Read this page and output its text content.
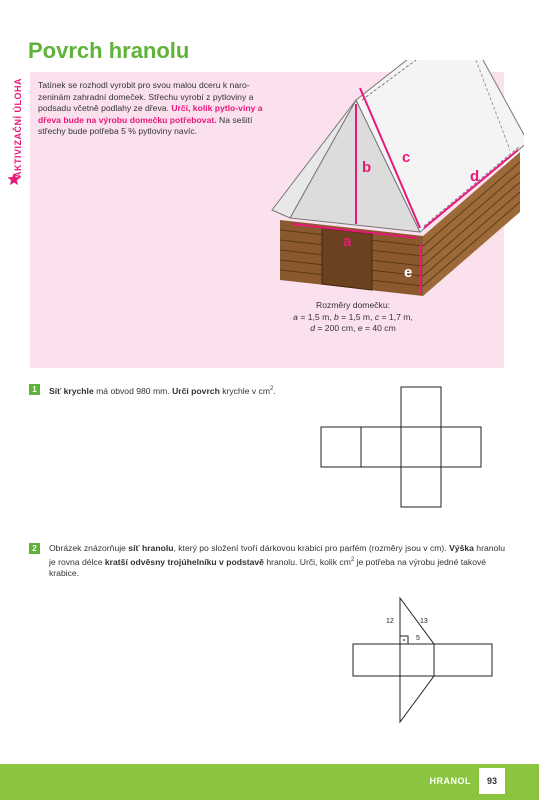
Povrch hranolu
AKTIVIZAČNÍ ÚLOHA Tatínek se rozhodl vyrobit pro svou malou dceru k naro-zeninám zahradní domeček. Střechu vyrobí z pytloviny a podsadu včetně podlahy ze dřeva. Urči, kolik pytlo-viny a dřeva bude na výrobu domečku potřebovat. Na sešití střechy bude potřeba 5 % pytloviny navíc.

b
c
a
d
e
Rozměry domečku:
a = 1,5 m, b = 1,5 m, c = 1,7 m,
d = 200 cm, e = 40 cm
1	Síť krychle má obvod 980 mm. Urči povrch krychle v $cm^2$.

2	Obrázek znázorňuje síť hranolu, který po složení tvoří dárkovou krabici pro parfém (rozměry jsou v cm). Výška hranolu je rovna délce kratší odvěsny trojúhelníku v podstavě hranolu. Urči, kolik $cm^2$ je potřeba na výrobu jedné takové krabice.

12	13
5
HRANOL	93
